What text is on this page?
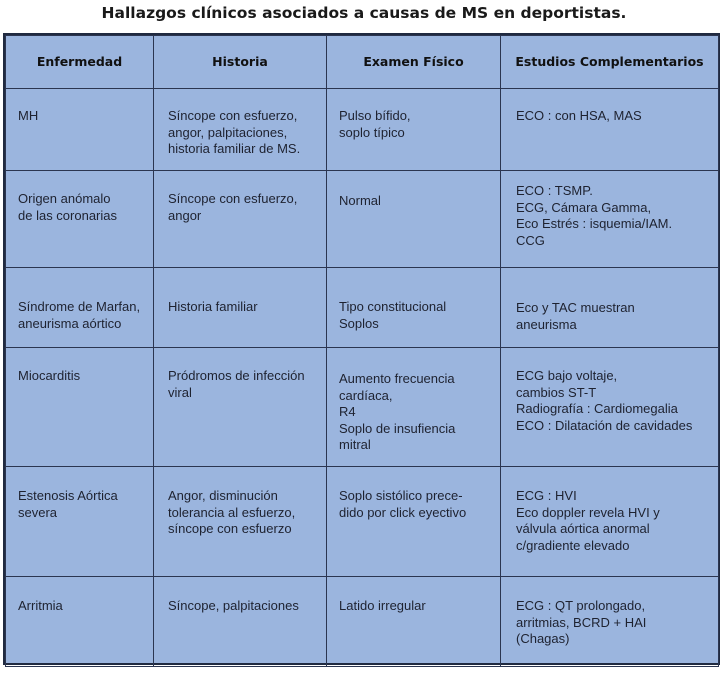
Hallazgos clínicos asociados a causas de MS en deportistas.
Enfermedad	Historia	Examen Físico	Estudios Complementarios

MH	Síncope con esfuerzo,
angor, palpitaciones,
historia familiar de MS.	Pulso bífido,
soplo típico	ECO : con HSA, MAS

Origen anómalo
de las coronarias	Síncope con esfuerzo,
angor	Normal	ECO : TSMP.
ECG, Cámara Gamma,
Eco Estrés : isquemia/IAM.
CCG

Síndrome de Marfan,
aneurisma aórtico	Historia familiar	Tipo constitucional
Soplos	Eco y TAC muestran
aneurisma

Miocarditis	Pródromos de infección
viral	Aumento frecuencia
cardíaca,
R4
Soplo de insufiencia
mitral	ECG bajo voltaje,
cambios ST-T
Radiografía : Cardiomegalia
ECO : Dilatación de cavidades

Estenosis Aórtica
severa	Angor, disminución
tolerancia al esfuerzo,
síncope con esfuerzo	Soplo sistólico prece-
dido por click eyectivo	ECG : HVI
Eco doppler revela HVI y
válvula aórtica anormal
c/gradiente elevado

Arritmia	Síncope, palpitaciones	Latido irregular	ECG : QT prolongado,
arritmias, BCRD + HAI
(Chagas)
